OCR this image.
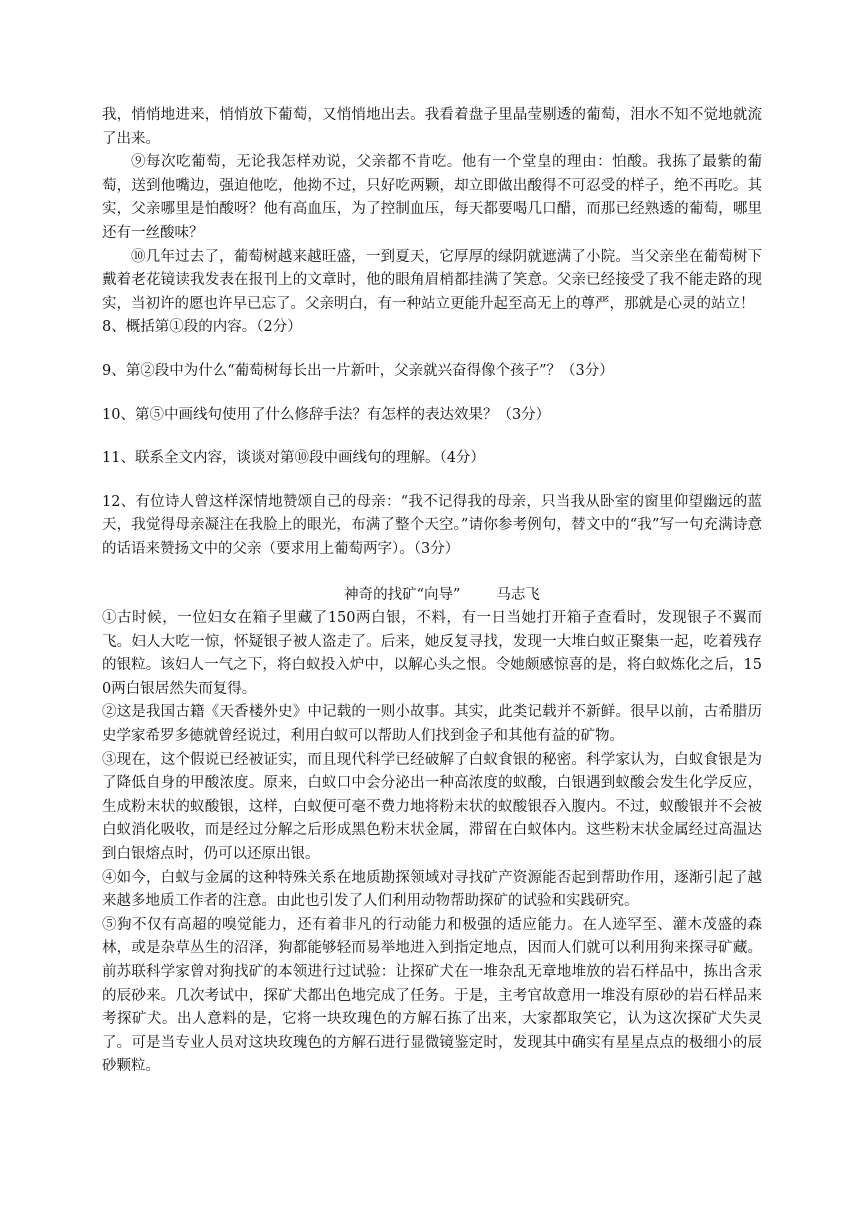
我，悄悄地进来，悄悄放下葡萄，又悄悄地出去。我看着盘子里晶莹剔透的葡萄，泪水不知不觉地就流了出来。

⑨每次吃葡萄，无论我怎样劝说，父亲都不肯吃。他有一个堂皇的理由：怕酸。我拣了最紫的葡萄，送到他嘴边，强迫他吃，他拗不过，只好吃两颗，却立即做出酸得不可忍受的样子，绝不再吃。其实，父亲哪里是怕酸呀？他有高血压，为了控制血压，每天都要喝几口醋，而那已经熟透的葡萄，哪里还有一丝酸味？

⑩几年过去了，葡萄树越来越旺盛，一到夏天，它厚厚的绿阴就遮满了小院。当父亲坐在葡萄树下戴着老花镜读我发表在报刊上的文章时，他的眼角眉梢都挂满了笑意。父亲已经接受了我不能走路的现实，当初许的愿也许早已忘了。父亲明白，有一种站立更能升起至高无上的尊严，那就是心灵的站立！

8、概括第①段的内容。（2分）

9、第②段中为什么“葡萄树每长出一片新叶，父亲就兴奋得像个孩子”？（3分）

10、第⑤中画线句使用了什么修辞手法？有怎样的表达效果？（3分）

11、联系全文内容，谈谈对第⑩段中画线句的理解。（4分）

12、有位诗人曾这样深情地赞颂自己的母亲：“我不记得我的母亲，只当我从卧室的窗里仰望幽远的蓝天，我觉得母亲凝注在我脸上的眼光，布满了整个天空。”请你参考例句，替文中的“我”写一句充满诗意的话语来赞扬文中的父亲（要求用上葡萄两字）。（3分）

神奇的找矿“向导” 马志飞

①古时候，一位妇女在箱子里藏了150两白银，不料，有一日当她打开箱子查看时，发现银子不翼而飞。妇人大吃一惊，怀疑银子被人盗走了。后来，她反复寻找，发现一大堆白蚁正聚集一起，吃着残存的银粒。该妇人一气之下，将白蚁投入炉中，以解心头之恨。令她颇感惊喜的是，将白蚁炼化之后，150两白银居然失而复得。

②这是我国古籍《天香楼外史》中记载的一则小故事。其实，此类记载并不新鲜。很早以前，古希腊历史学家希罗多德就曾经说过，利用白蚁可以帮助人们找到金子和其他有益的矿物。

③现在，这个假说已经被证实，而且现代科学已经破解了白蚁食银的秘密。科学家认为，白蚁食银是为了降低自身的甲酸浓度。原来，白蚁口中会分泌出一种高浓度的蚁酸，白银遇到蚁酸会发生化学反应，生成粉末状的蚁酸银，这样，白蚁便可毫不费力地将粉末状的蚁酸银吞入腹内。不过，蚁酸银并不会被白蚁消化吸收，而是经过分解之后形成黑色粉末状金属，滞留在白蚁体内。这些粉末状金属经过高温达到白银熔点时，仍可以还原出银。

④如今，白蚁与金属的这种特殊关系在地质勘探领域对寻找矿产资源能否起到帮助作用，逐渐引起了越来越多地质工作者的注意。由此也引发了人们利用动物帮助探矿的试验和实践研究。

⑤狗不仅有高超的嗅觉能力，还有着非凡的行动能力和极强的适应能力。在人迹罕至、灌木茂盛的森林，或是杂草丛生的沼泽，狗都能够轻而易举地进入到指定地点，因而人们就可以利用狗来探寻矿藏。前苏联科学家曾对狗找矿的本领进行过试验：让探矿犬在一堆杂乱无章地堆放的岩石样品中，拣出含汞的辰砂来。几次考试中，探矿犬都出色地完成了任务。于是，主考官故意用一堆没有原砂的岩石样品来考探矿犬。出人意料的是，它将一块玫瑰色的方解石拣了出来，大家都取笑它，认为这次探矿犬失灵了。可是当专业人员对这块玫瑰色的方解石进行显微镜鉴定时，发现其中确实有星星点点的极细小的辰砂颗粒。
